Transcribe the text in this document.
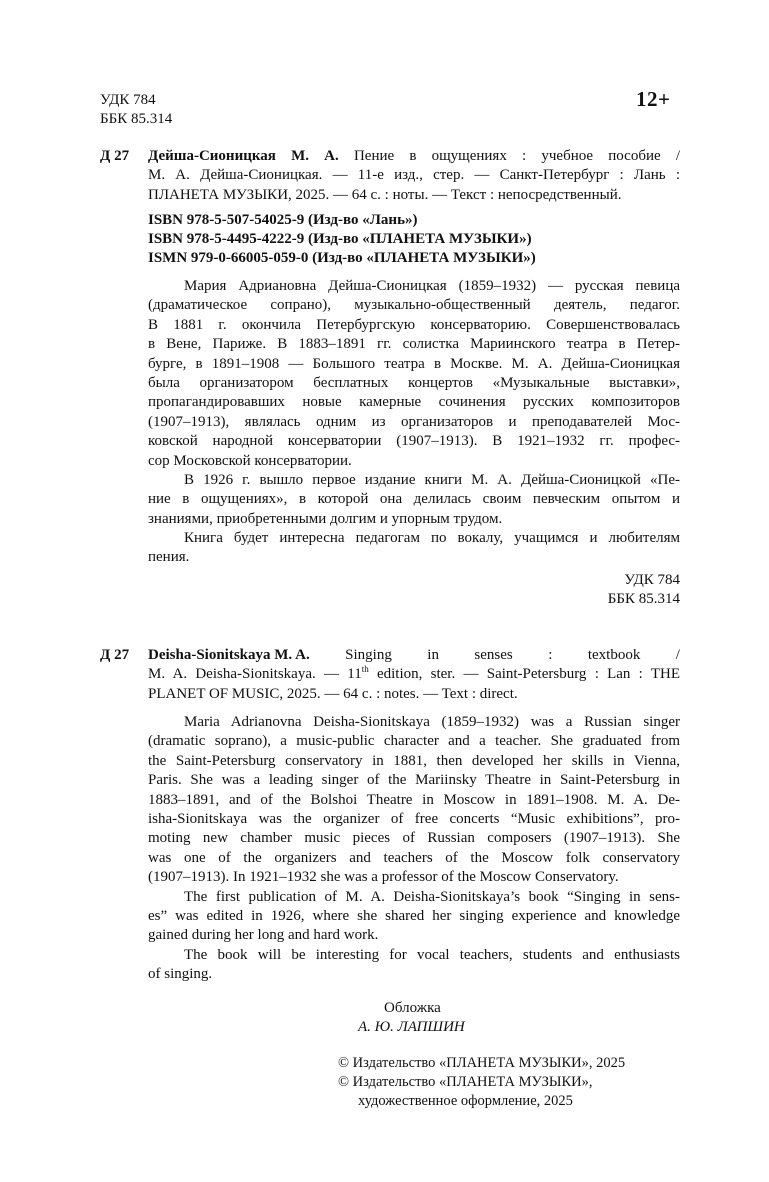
УДК 784
ББК 85.314
12+
Д 27 Дейша-Сионицкая М. А. Пение в ощущениях : учебное пособие /
М. А. Дейша-Сионицкая. — 11-е изд., стер. — Санкт-Петербург : Лань :
ПЛАНЕТА МУЗЫКИ, 2025. — 64 с. : ноты. — Текст : непосредственный.
ISBN 978-5-507-54025-9 (Изд-во «Лань»)
ISBN 978-5-4495-4222-9 (Изд-во «ПЛАНЕТА МУЗЫКИ»)
ISMN 979-0-66005-059-0 (Изд-во «ПЛАНЕТА МУЗЫКИ»)
Мария Адриановна Дейша-Сионицкая (1859–1932) — русская певица
(драматическое сопрано), музыкально-общественный деятель, педагог.
В 1881 г. окончила Петербургскую консерваторию. Совершенствовалась
в Вене, Париже. В 1883–1891 гг. солистка Мариинского театра в Петер-
бурге, в 1891–1908 — Большого театра в Москве. М. А. Дейша-Сионицкая
была организатором бесплатных концертов «Музыкальные выставки»,
пропагандировавших новые камерные сочинения русских композиторов
(1907–1913), являлась одним из организаторов и преподавателей Мос-
ковской народной консерватории (1907–1913). В 1921–1932 гг. профес-
сор Московской консерватории.
В 1926 г. вышло первое издание книги М. А. Дейша-Сионицкой «Пе-
ние в ощущениях», в которой она делилась своим певческим опытом и
знаниями, приобретенными долгим и упорным трудом.
Книга будет интересна педагогам по вокалу, учащимся и любителям
пения.
УДК 784
ББК 85.314
Д 27 Deisha-Sionitskaya M. A. Singing in senses : textbook /
M. A. Deisha-Sionitskaya. — 11th edition, ster. — Saint-Petersburg : Lan : THE
PLANET OF MUSIC, 2025. — 64 c. : notes. — Text : direct.
Maria Adrianovna Deisha-Sionitskaya (1859–1932) was a Russian singer
(dramatic soprano), a music-public character and a teacher. She graduated from
the Saint-Petersburg conservatory in 1881, then developed her skills in Vienna,
Paris. She was a leading singer of the Mariinsky Theatre in Saint-Petersburg in
1883–1891, and of the Bolshoi Theatre in Moscow in 1891–1908. M. A. De-
isha-Sionitskaya was the organizer of free concerts “Music exhibitions”, pro-
moting new chamber music pieces of Russian composers (1907–1913). She
was one of the organizers and teachers of the Moscow folk conservatory
(1907–1913). In 1921–1932 she was a professor of the Moscow Conservatory.
The first publication of M. A. Deisha-Sionitskaya’s book “Singing in sens-
es” was edited in 1926, where she shared her singing experience and knowledge
gained during her long and hard work.
The book will be interesting for vocal teachers, students and enthusiasts
of singing.
Обложка
А. Ю. ЛАПШИН
© Издательство «ПЛАНЕТА МУЗЫКИ», 2025
© Издательство «ПЛАНЕТА МУЗЫКИ»,
художественное оформление, 2025
